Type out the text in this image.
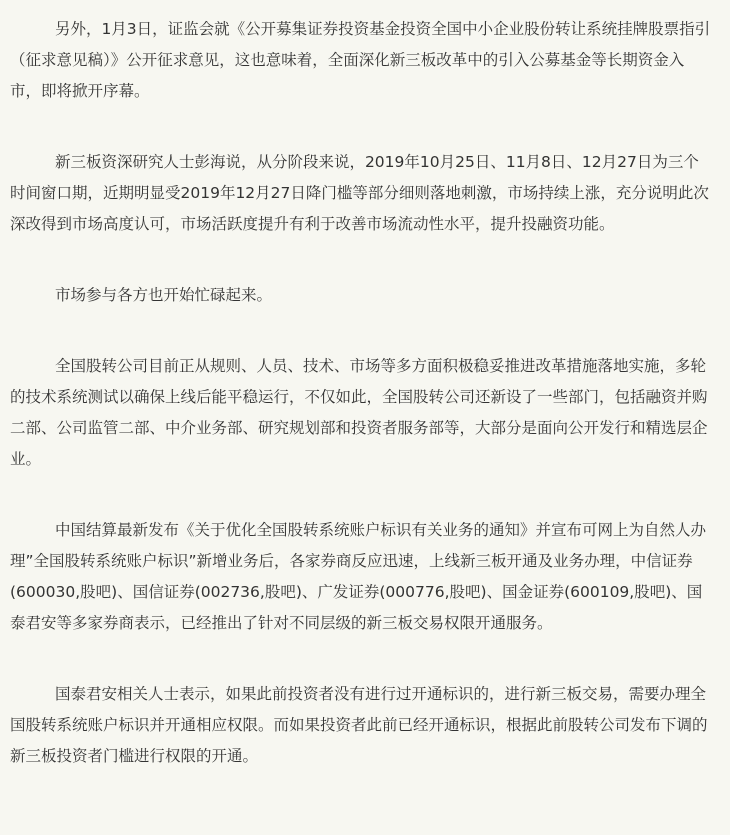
另外，1月3日，证监会就《公开募集证券投资基金投资全国中小企业股份转让系统挂牌股票指引（征求意见稿）》公开征求意见，这也意味着，全面深化新三板改革中的引入公募基金等长期资金入市，即将掀开序幕。

新三板资深研究人士彭海说，从分阶段来说，2019年10月25日、11月8日、12月27日为三个时间窗口期，近期明显受2019年12月27日降门槛等部分细则落地刺激，市场持续上涨，充分说明此次深改得到市场高度认可，市场活跃度提升有利于改善市场流动性水平，提升投融资功能。

市场参与各方也开始忙碌起来。

全国股转公司目前正从规则、人员、技术、市场等多方面积极稳妥推进改革措施落地实施，多轮的技术系统测试以确保上线后能平稳运行，不仅如此，全国股转公司还新设了一些部门，包括融资并购二部、公司监管二部、中介业务部、研究规划部和投资者服务部等，大部分是面向公开发行和精选层企业。

中国结算最新发布《关于优化全国股转系统账户标识有关业务的通知》并宣布可网上为自然人办理”全国股转系统账户标识”新增业务后，各家券商反应迅速，上线新三板开通及业务办理，中信证券(600030,股吧)、国信证券(002736,股吧)、广发证券(000776,股吧)、国金证券(600109,股吧)、国泰君安等多家券商表示，已经推出了针对不同层级的新三板交易权限开通服务。

国泰君安相关人士表示，如果此前投资者没有进行过开通标识的，进行新三板交易，需要办理全国股转系统账户标识并开通相应权限。而如果投资者此前已经开通标识，根据此前股转公司发布下调的新三板投资者门槛进行权限的开通。
